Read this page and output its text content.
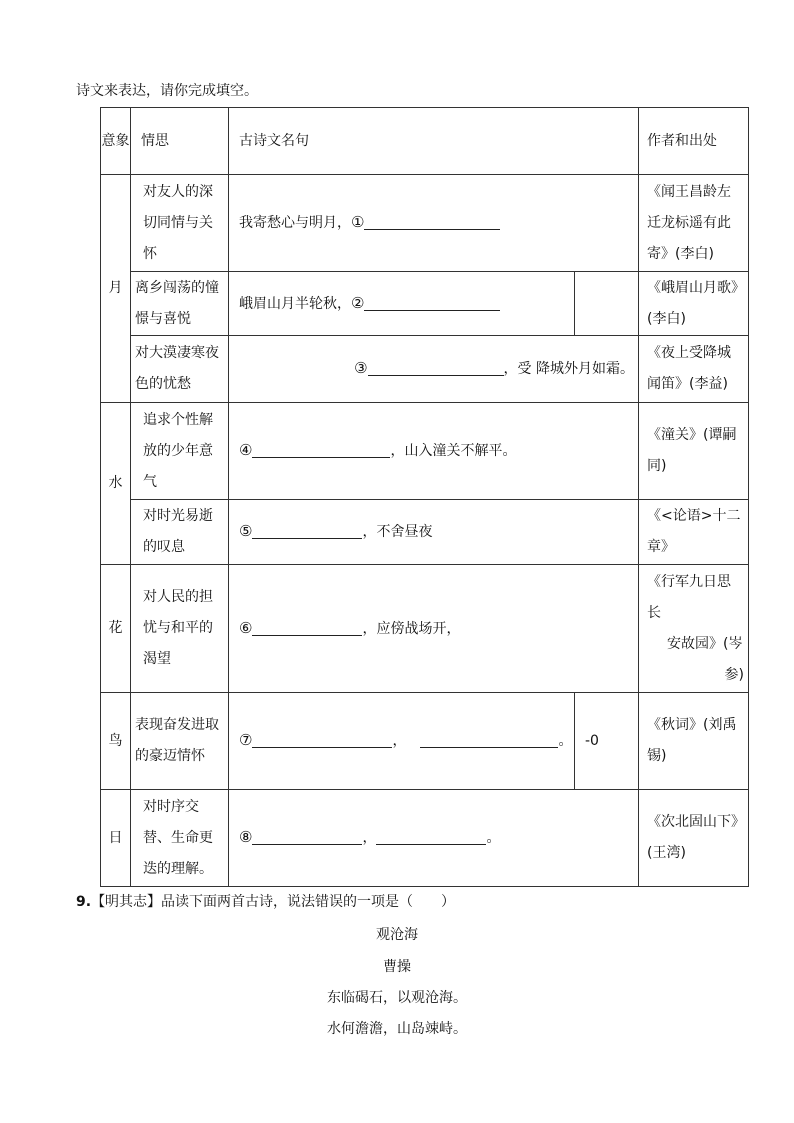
诗文来表达，请你完成填空。
意象	情思	古诗文名句		作者和出处
月	对友人的深切同情与关怀	我寄愁心与明月，①		《闻王昌龄左迁龙标遥有此寄》(李白)
	离乡闯荡的憧憬与喜悦	峨眉山月半轮秋，②		《峨眉山月歌》(李白)
	对大漠凄寒夜色的忧愁	③ ，受 降城外月如霜。		《夜上受降城闻笛》(李益)
水	追求个性解放的少年意气	④ ，山入潼关不解平。		《潼关》(谭嗣同)
	对时光易逝的叹息	⑤ ，不舍昼夜		《<论语>十二章》
花	对人民的担忧与和平的渴望	⑥ ，应傍战场开，		《行军九日思长
安故园》(岑
参)

鸟	表现奋发进取的豪迈情怀	⑦ ， 。	-0	《秋词》(刘禹锡)
日	对时序交替、生命更迭的理解。	⑧ ， 。		《次北固山下》(王湾)
9.【明其志】品读下面两首古诗，说法错误的一项是（　　）
观沧海
曹操
东临碣石，以观沧海。
水何澹澹，山岛竦峙。
